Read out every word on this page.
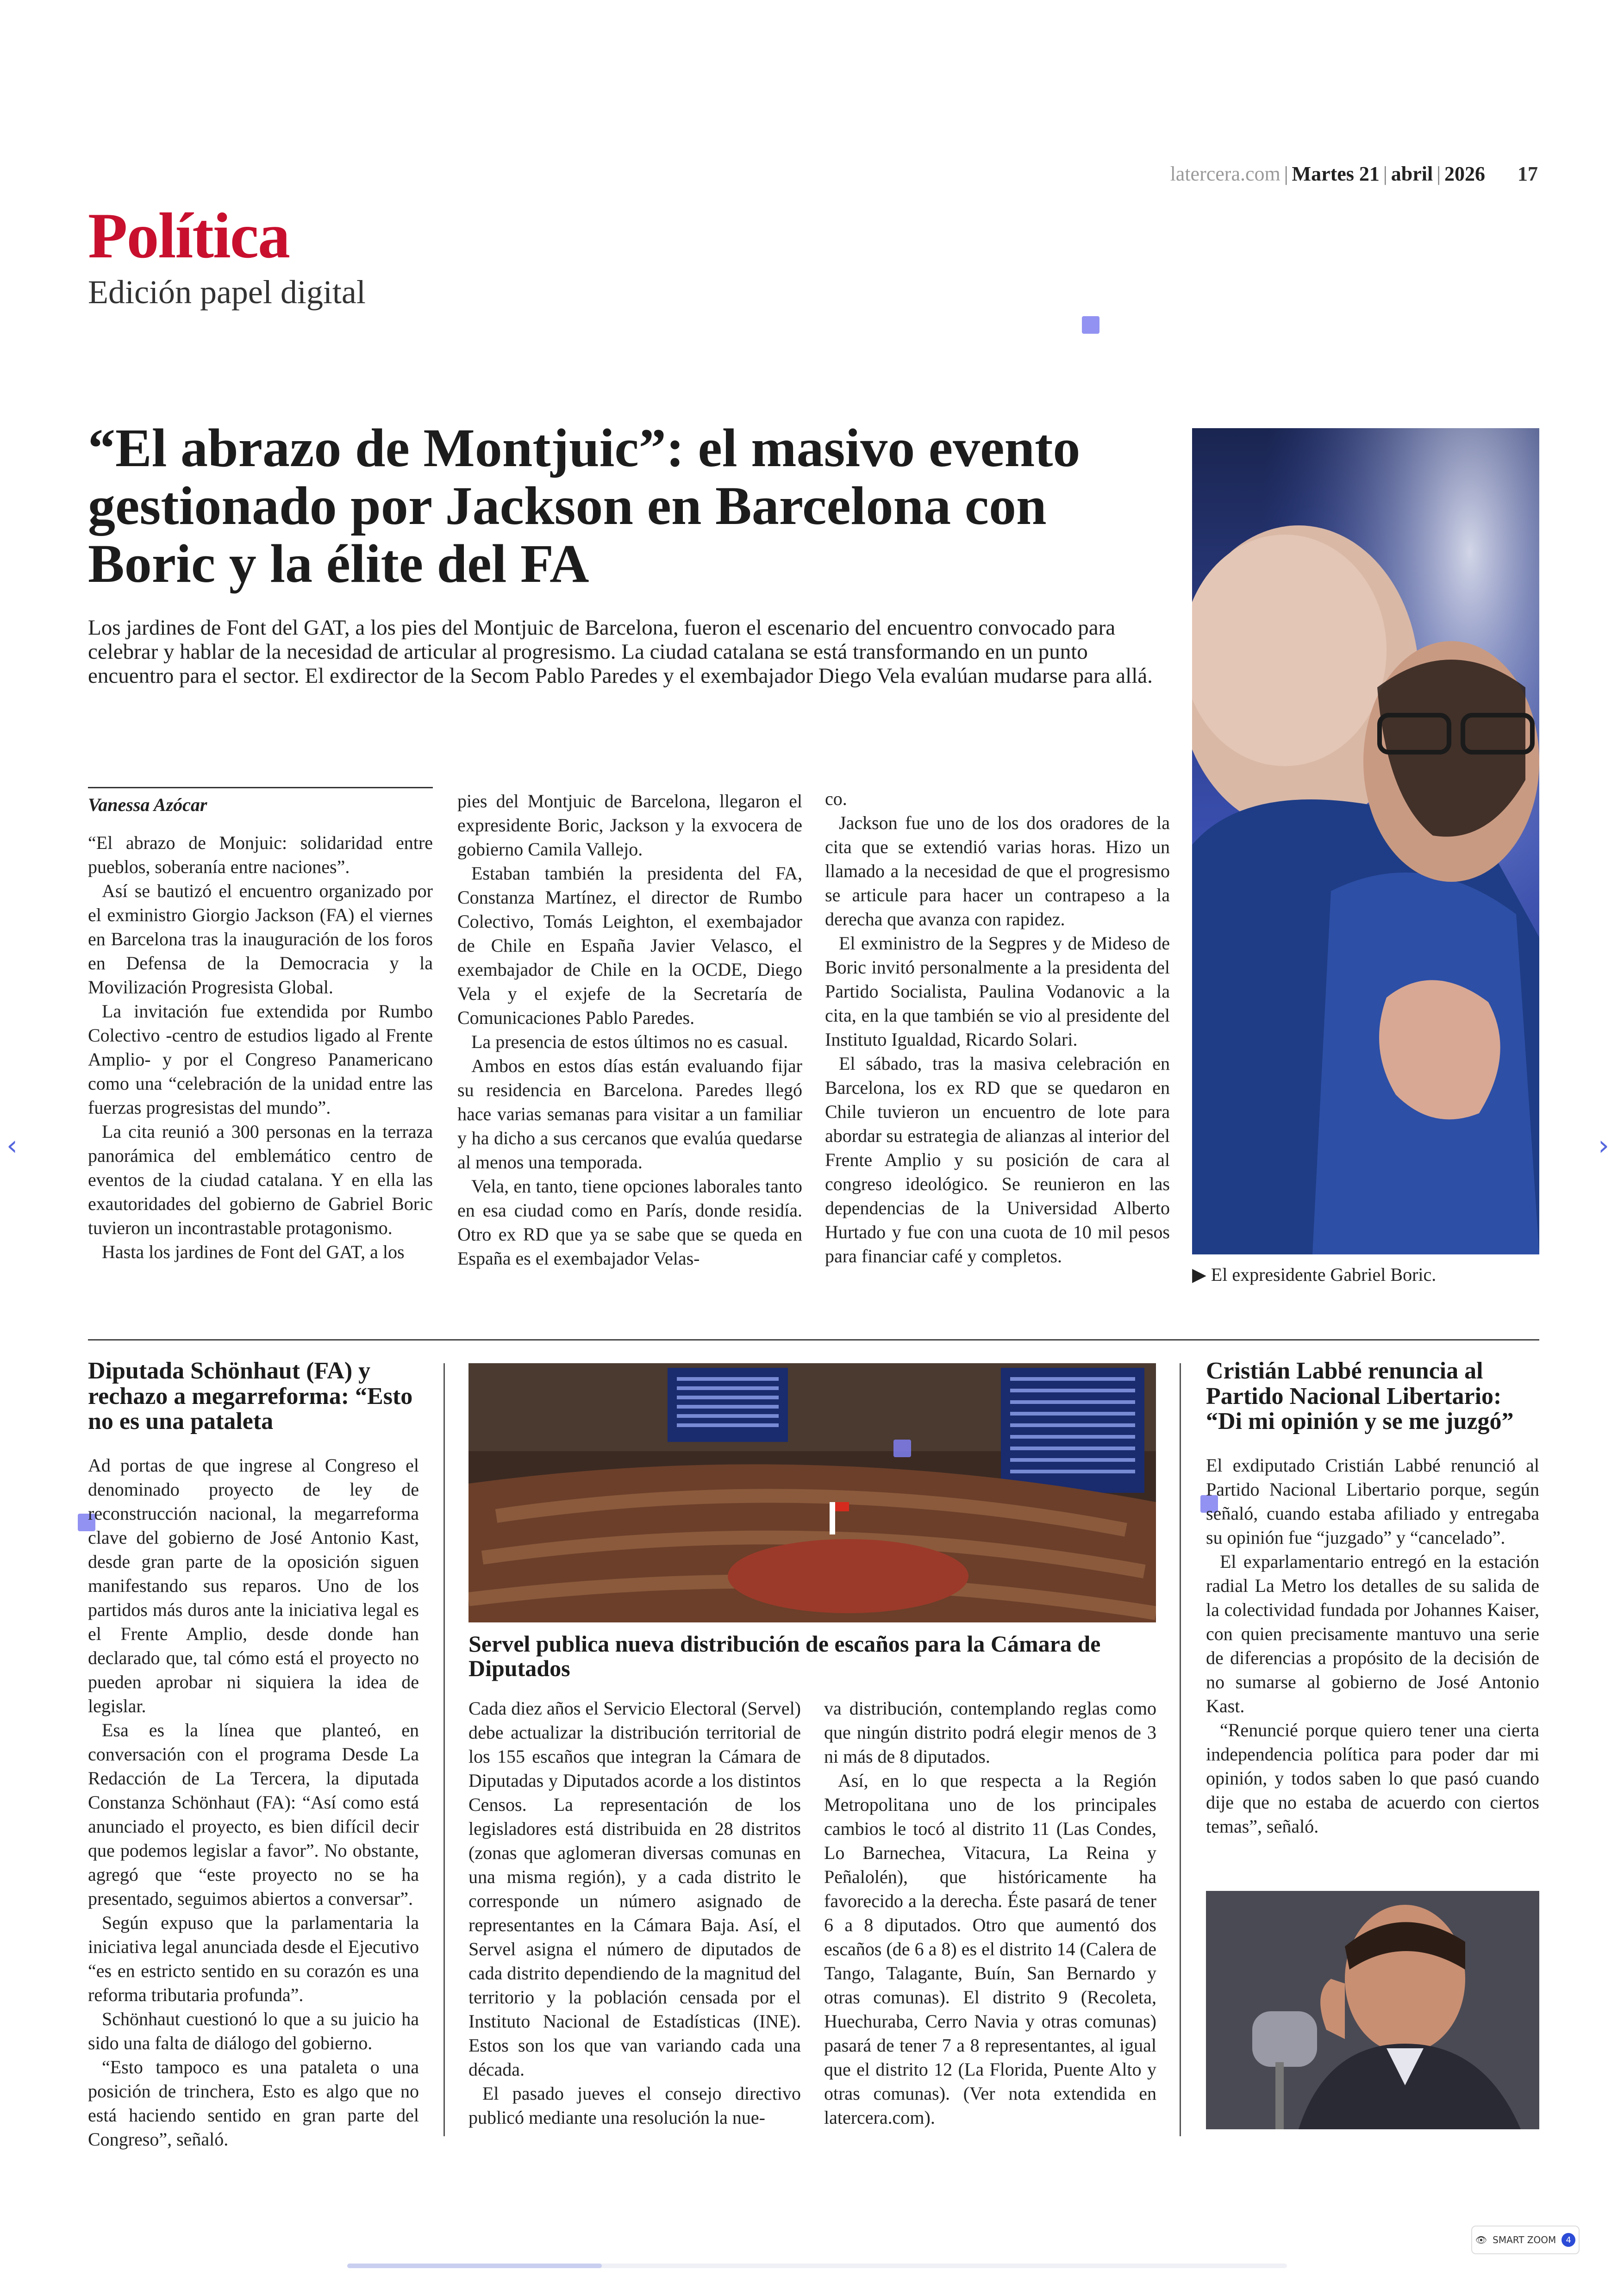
latercera.com | Martes 21 | abril | 2026 17
Política
Edición papel digital
“El abrazo de Montjuic”: el masivo evento gestionado por Jackson en Barcelona con Boric y la élite del FA
Los jardines de Font del GAT, a los pies del Montjuic de Barcelona, fueron el escenario del encuentro convocado para celebrar y hablar de la necesidad de articular al progresismo. La ciudad catalana se está transformando en un punto encuentro para el sector. El exdirector de la Secom Pablo Paredes y el exembajador Diego Vela evalúan mudarse para allá.
Vanessa Azócar

“El abrazo de Monjuic: solidaridad entre pueblos, soberanía entre naciones”.

Así se bautizó el encuentro organizado por el exministro Giorgio Jackson (FA) el viernes en Barcelona tras la inauguración de los foros en Defensa de la Democracia y la Movilización Progresista Global.

La invitación fue extendida por Rumbo Colectivo -centro de estudios ligado al Frente Amplio- y por el Congreso Panamericano como una “celebración de la unidad entre las fuerzas progresistas del mundo”.

La cita reunió a 300 personas en la terraza panorámica del emblemático centro de eventos de la ciudad catalana. Y en ella las exautoridades del gobierno de Gabriel Boric tuvieron un incontrastable protagonismo.

Hasta los jardines de Font del GAT, a los

pies del Montjuic de Barcelona, llegaron el expresidente Boric, Jackson y la exvocera de gobierno Camila Vallejo.

Estaban también la presidenta del FA, Constanza Martínez, el director de Rumbo Colectivo, Tomás Leighton, el exembajador de Chile en España Javier Velasco, el exembajador de Chile en la OCDE, Diego Vela y el exjefe de la Secretaría de Comunicaciones Pablo Paredes.

La presencia de estos últimos no es casual.

Ambos en estos días están evaluando fijar su residencia en Barcelona. Paredes llegó hace varias semanas para visitar a un familiar y ha dicho a sus cercanos que evalúa quedarse al menos una temporada.

Vela, en tanto, tiene opciones laborales tanto en esa ciudad como en París, donde residía. Otro ex RD que ya se sabe que se queda en España es el exembajador Velas-

co.

Jackson fue uno de los dos oradores de la cita que se extendió varias horas. Hizo un llamado a la necesidad de que el progresismo se articule para hacer un contrapeso a la derecha que avanza con rapidez.

El exministro de la Segpres y de Mideso de Boric invitó personalmente a la presidenta del Partido Socialista, Paulina Vodanovic a la cita, en la que también se vio al presidente del Instituto Igualdad, Ricardo Solari.

El sábado, tras la masiva celebración en Barcelona, los ex RD que se quedaron en Chile tuvieron un encuentro de lote para abordar su estrategia de alianzas al interior del Frente Amplio y su posición de cara al congreso ideológico. Se reunieron en las dependencias de la Universidad Alberto Hurtado y fue con una cuota de 10 mil pesos para financiar café y completos.

▶ El expresidente Gabriel Boric.
Diputada Schönhaut (FA) y rechazo a megarreforma: “Esto no es una pataleta

Ad portas de que ingrese al Congreso el denominado proyecto de ley de reconstrucción nacional, la megarreforma clave del gobierno de José Antonio Kast, desde gran parte de la oposición siguen manifestando sus reparos. Uno de los partidos más duros ante la iniciativa legal es el Frente Amplio, desde donde han declarado que, tal cómo está el proyecto no pueden aprobar ni siquiera la idea de legislar.

Esa es la línea que planteó, en conversación con el programa Desde La Redacción de La Tercera, la diputada Constanza Schönhaut (FA): “Así como está anunciado el proyecto, es bien difícil decir que podemos legislar a favor”. No obstante, agregó que “este proyecto no se ha presentado, seguimos abiertos a conversar”.

Según expuso que la parlamentaria la iniciativa legal anunciada desde el Ejecutivo “es en estricto sentido en su corazón es una reforma tributaria profunda”.

Schönhaut cuestionó lo que a su juicio ha sido una falta de diálogo del gobierno.

“Esto tampoco es una pataleta o una posición de trinchera, Esto es algo que no está haciendo sentido en gran parte del Congreso”, señaló.

Servel publica nueva distribución de escaños para la Cámara de Diputados

Cada diez años el Servicio Electoral (Servel) debe actualizar la distribución territorial de los 155 escaños que integran la Cámara de Diputadas y Diputados acorde a los distintos Censos. La representación de los legisladores está distribuida en 28 distritos (zonas que aglomeran diversas comunas en una misma región), y a cada distrito le corresponde un número asignado de representantes en la Cámara Baja. Así, el Servel asigna el número de diputados de cada distrito dependiendo de la magnitud del territorio y la población censada por el Instituto Nacional de Estadísticas (INE). Estos son los que van variando cada una década.

El pasado jueves el consejo directivo publicó mediante una resolución la nue-

va distribución, contemplando reglas como que ningún distrito podrá elegir menos de 3 ni más de 8 diputados.

Así, en lo que respecta a la Región Metropolitana uno de los principales cambios le tocó al distrito 11 (Las Condes, Lo Barnechea, Vitacura, La Reina y Peñalolén), que históricamente ha favorecido a la derecha. Éste pasará de tener 6 a 8 diputados. Otro que aumentó dos escaños (de 6 a 8) es el distrito 14 (Calera de Tango, Talagante, Buín, San Bernardo y otras comunas). El distrito 9 (Recoleta, Huechuraba, Cerro Navia y otras comunas) pasará de tener 7 a 8 representantes, al igual que el distrito 12 (La Florida, Puente Alto y otras comunas). (Ver nota extendida en latercera.com).

Cristián Labbé renuncia al Partido Nacional Libertario: “Di mi opinión y se me juzgó”

El exdiputado Cristián Labbé renunció al Partido Nacional Libertario porque, según señaló, cuando estaba afiliado y entregaba su opinión fue “juzgado” y “cancelado”.

El exparlamentario entregó en la estación radial La Metro los detalles de su salida de la colectividad fundada por Johannes Kaiser, con quien precisamente mantuvo una serie de diferencias a propósito de la decisión de no sumarse al gobierno de José Antonio Kast.

“Renuncié porque quiero tener una cierta independencia política para poder dar mi opinión, y todos saben lo que pasó cuando dije que no estaba de acuerdo con ciertos temas”, señaló.

‹	›
👁 SMART ZOOM	4
